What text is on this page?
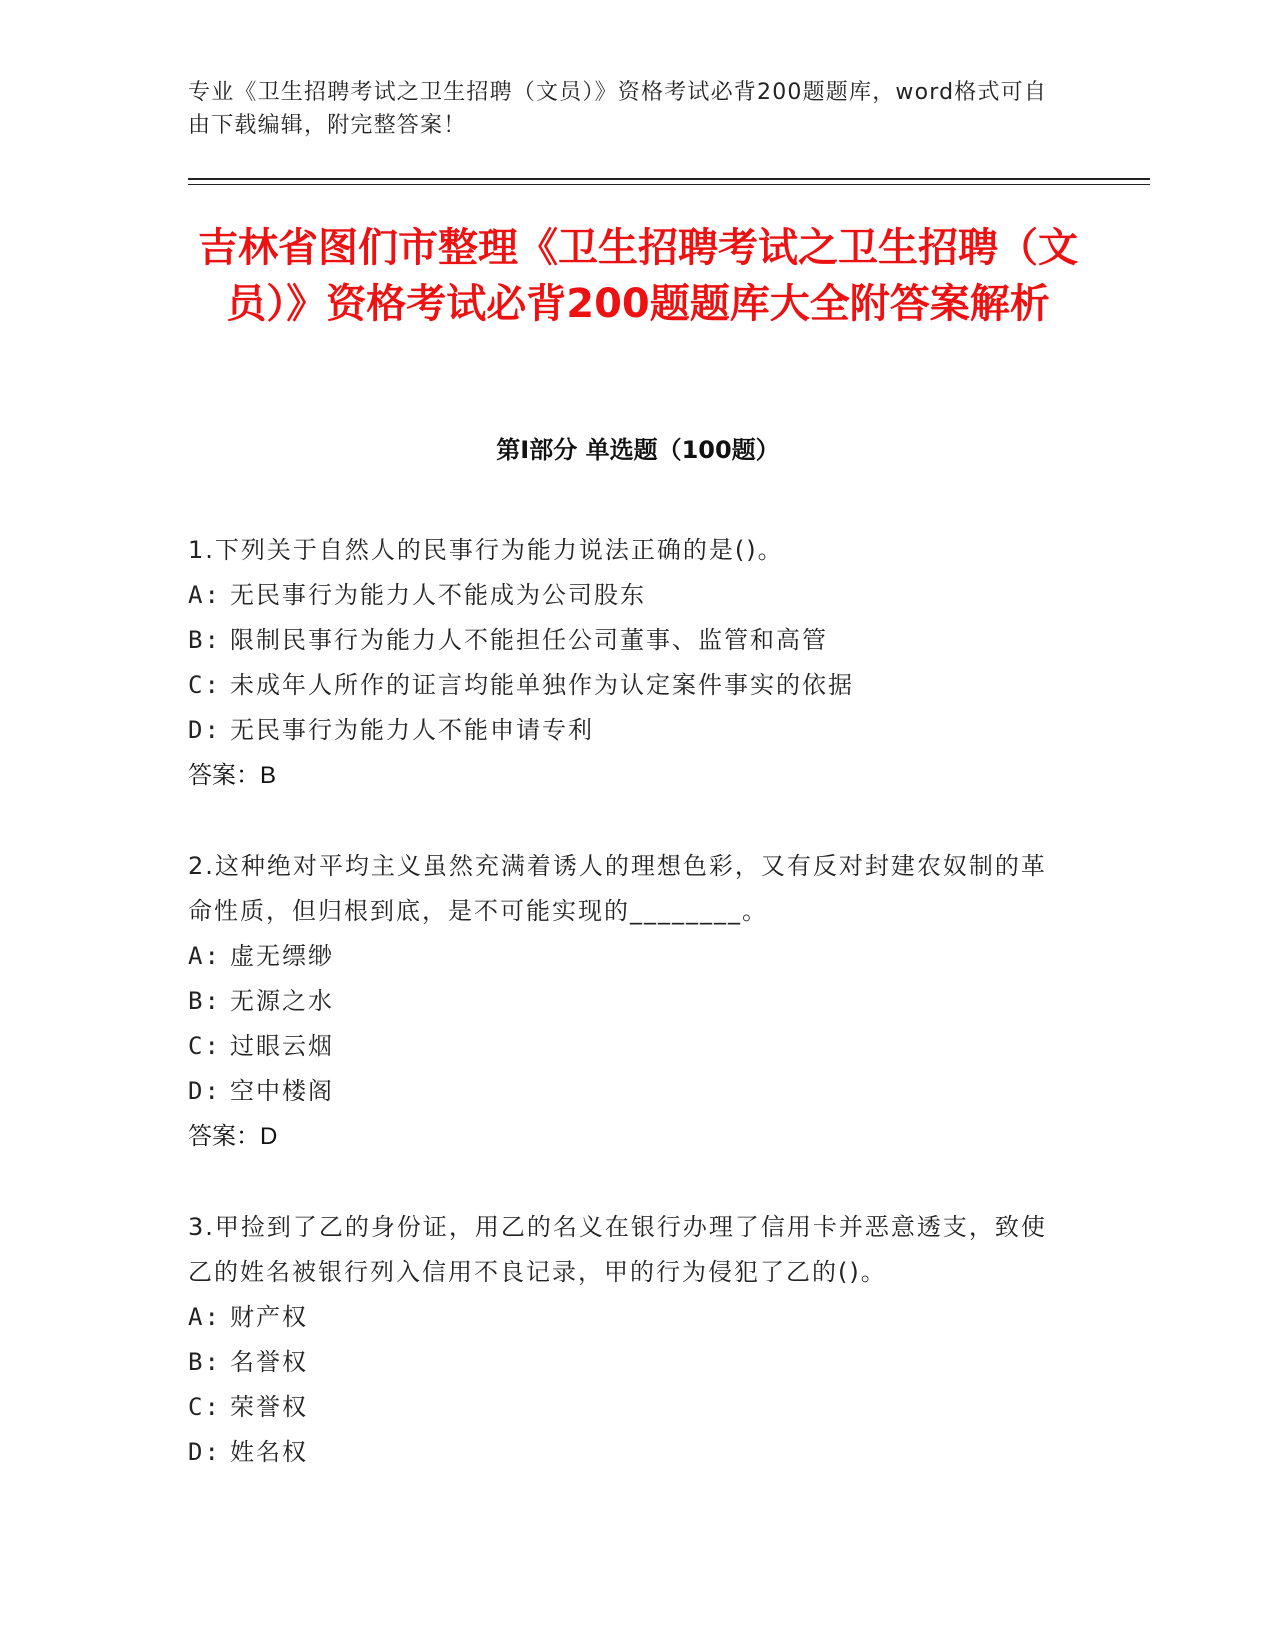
专业《卫生招聘考试之卫生招聘（文员）》资格考试必背200题题库，word格式可自由下载编辑，附完整答案！
吉林省图们市整理《卫生招聘考试之卫生招聘（文员）》资格考试必背200题题库大全附答案解析
第I部分 单选题（100题）
1.下列关于自然人的民事行为能力说法正确的是()。
A: 无民事行为能力人不能成为公司股东
B: 限制民事行为能力人不能担任公司董事、监管和高管
C: 未成年人所作的证言均能单独作为认定案件事实的依据
D: 无民事行为能力人不能申请专利
答案：B
2.这种绝对平均主义虽然充满着诱人的理想色彩，又有反对封建农奴制的革命性质，但归根到底，是不可能实现的________。
A: 虚无缥缈
B: 无源之水
C: 过眼云烟
D: 空中楼阁
答案：D
3.甲捡到了乙的身份证，用乙的名义在银行办理了信用卡并恶意透支，致使乙的姓名被银行列入信用不良记录，甲的行为侵犯了乙的()。
A: 财产权
B: 名誉权
C: 荣誉权
D: 姓名权
